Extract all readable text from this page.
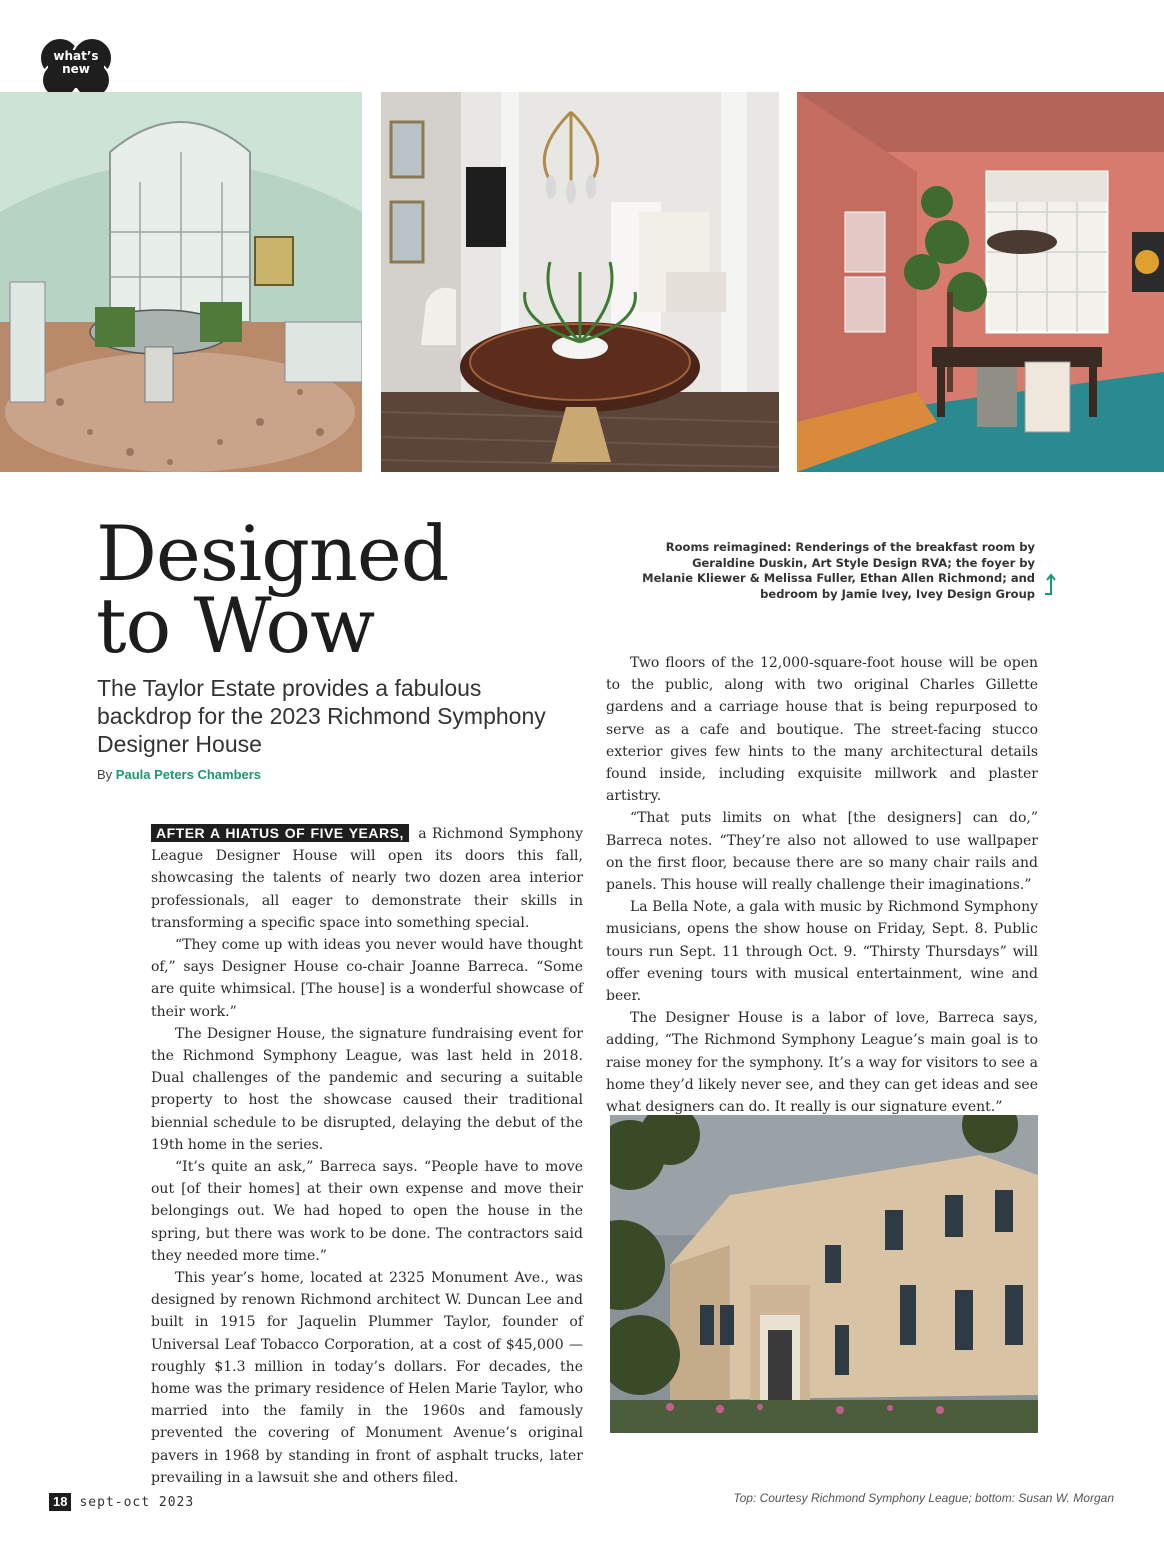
what’s
new
Designed
to Wow
The Taylor Estate provides a fabulous backdrop for the 2023 Richmond Symphony Designer House
By Paula Peters Chambers
Rooms reimagined: Renderings of the breakfast room by Geraldine Duskin, Art Style Design RVA; the foyer by Melanie Kliewer & Melissa Fuller, Ethan Allen Richmond; and bedroom by Jamie Ivey, Ivey Design Group

AFTER A HIATUS OF FIVE YEARS, a Richmond Symphony League Designer House will open its doors this fall, showcasing the talents of nearly two dozen area interior professionals, all eager to demonstrate their skills in transforming a specific space into something special.

“They come up with ideas you never would have thought of,” says Designer House co-chair Joanne Barreca. “Some are quite whimsical. [The house] is a wonderful showcase of their work.”

The Designer House, the signature fundraising event for the Richmond Symphony League, was last held in 2018. Dual challenges of the pandemic and securing a suitable property to host the showcase caused their traditional biennial schedule to be disrupted, delaying the debut of the 19th home in the series.

“It’s quite an ask,” Barreca says. “People have to move out [of their homes] at their own expense and move their belongings out. We had hoped to open the house in the spring, but there was work to be done. The contractors said they needed more time.”

This year’s home, located at 2325 Monument Ave., was designed by renown Richmond architect W. Duncan Lee and built in 1915 for Jaquelin Plummer Taylor, founder of Universal Leaf Tobacco Corporation, at a cost of $45,000 — roughly $1.3 million in today’s dollars. For decades, the home was the primary residence of Helen Marie Taylor, who married into the family in the 1960s and famously prevented the covering of Monument Avenue’s original pavers in 1968 by standing in front of asphalt trucks, later prevailing in a lawsuit she and others filed.

Two floors of the 12,000-square-foot house will be open to the public, along with two original Charles Gillette gardens and a carriage house that is being repurposed to serve as a cafe and boutique. The street-facing stucco exterior gives few hints to the many architectural details found inside, including exquisite millwork and plaster artistry.

“That puts limits on what [the designers] can do,” Barreca notes. “They’re also not allowed to use wallpaper on the first floor, because there are so many chair rails and panels. This house will really challenge their imaginations.”

La Bella Note, a gala with music by Richmond Symphony musicians, opens the show house on Friday, Sept. 8. Public tours run Sept. 11 through Oct. 9. “Thirsty Thursdays” will offer evening tours with musical entertainment, wine and beer.

The Designer House is a labor of love, Barreca says, adding, “The Richmond Symphony League’s main goal is to raise money for the symphony. It’s a way for visitors to see a home they’d likely never see, and they can get ideas and see what designers can do. It really is our signature event.”

18 sept-oct 2023	Top: Courtesy Richmond Symphony League; bottom: Susan W. Morgan
